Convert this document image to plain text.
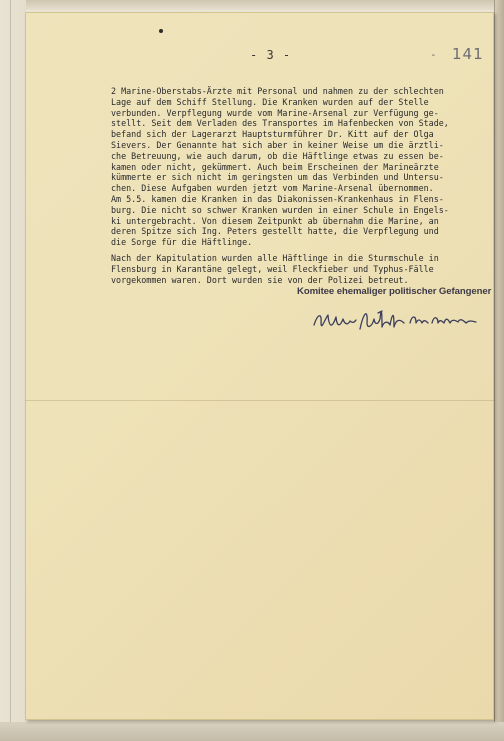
- 3 -	- 141
2 Marine-Oberstabs-Ärzte mit Personal und nahmen zu der schlechten
Lage auf dem Schiff Stellung. Die Kranken wurden auf der Stelle
verbunden. Verpflegung wurde vom Marine-Arsenal zur Verfügung ge-
stellt. Seit dem Verladen des Transportes im Hafenbecken von Stade,
befand sich der Lagerarzt Hauptsturmführer Dr. Kitt auf der Olga
Sievers. Der Genannte hat sich aber in keiner Weise um die ärztli-
che Betreuung, wie auch darum, ob die Häftlinge etwas zu essen be-
kamen oder nicht, gekümmert. Auch beim Erscheinen der Marineärzte
kümmerte er sich nicht im geringsten um das Verbinden und Untersu-
chen. Diese Aufgaben wurden jetzt vom Marine-Arsenal übernommen.
Am 5.5. kamen die Kranken in das Diakonissen-Krankenhaus in Flens-
burg. Die nicht so schwer Kranken wurden in einer Schule in Engels-
ki untergebracht. Von diesem Zeitpunkt ab übernahm die Marine, an
deren Spitze sich Ing. Peters gestellt hatte, die Verpflegung und
die Sorge für die Häftlinge.
Nach der Kapitulation wurden alle Häftlinge in die Sturmschule in
Flensburg in Karantäne gelegt, weil Fleckfieber und Typhus-Fälle
vorgekommen waren. Dort wurden sie von der Polizei betreut.
Komitee ehemaliger politischer Gefangener
